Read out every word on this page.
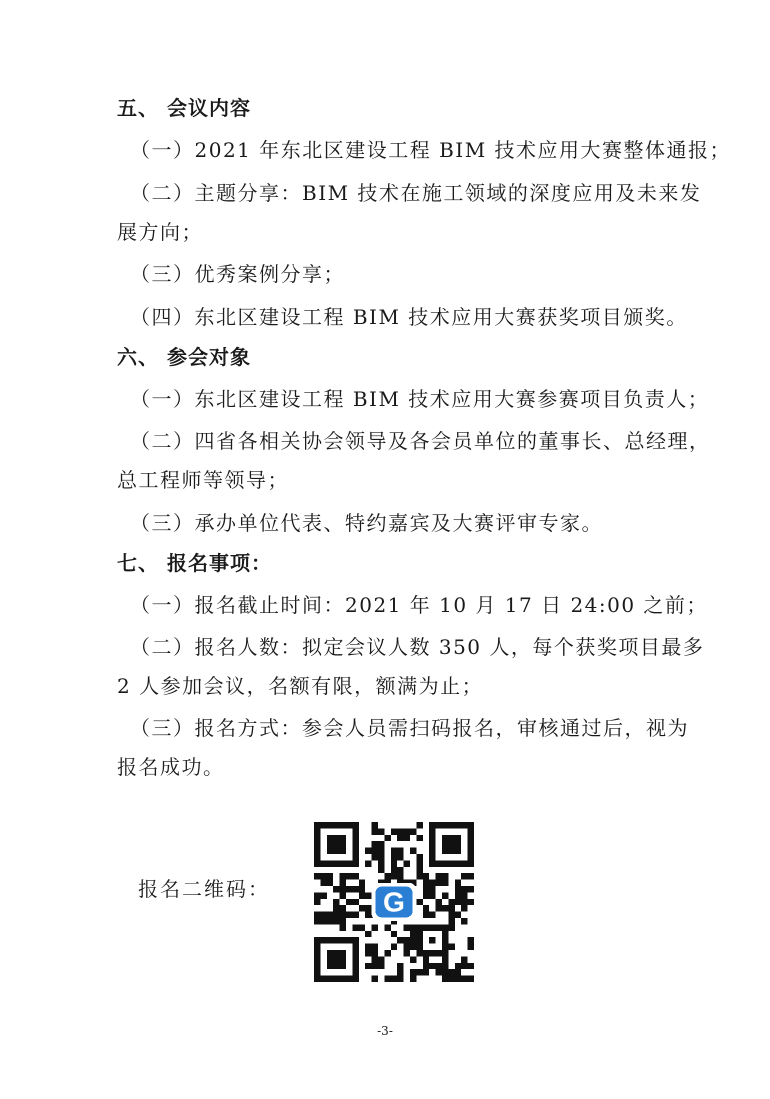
五、 会议内容
（一）2021 年东北区建设工程 BIM 技术应用大赛整体通报；
（二）主题分享：BIM 技术在施工领域的深度应用及未来发
展方向；
（三）优秀案例分享；
（四）东北区建设工程 BIM 技术应用大赛获奖项目颁奖。
六、 参会对象
（一）东北区建设工程 BIM 技术应用大赛参赛项目负责人；
（二）四省各相关协会领导及各会员单位的董事长、总经理，
总工程师等领导；
（三）承办单位代表、特约嘉宾及大赛评审专家。
七、 报名事项：
（一）报名截止时间：2021 年 10 月 17 日 24:00 之前；
（二）报名人数：拟定会议人数 350 人，每个获奖项目最多
2 人参加会议，名额有限，额满为止；
（三）报名方式：参会人员需扫码报名，审核通过后，视为
报名成功。
报名二维码：	G
-3-
